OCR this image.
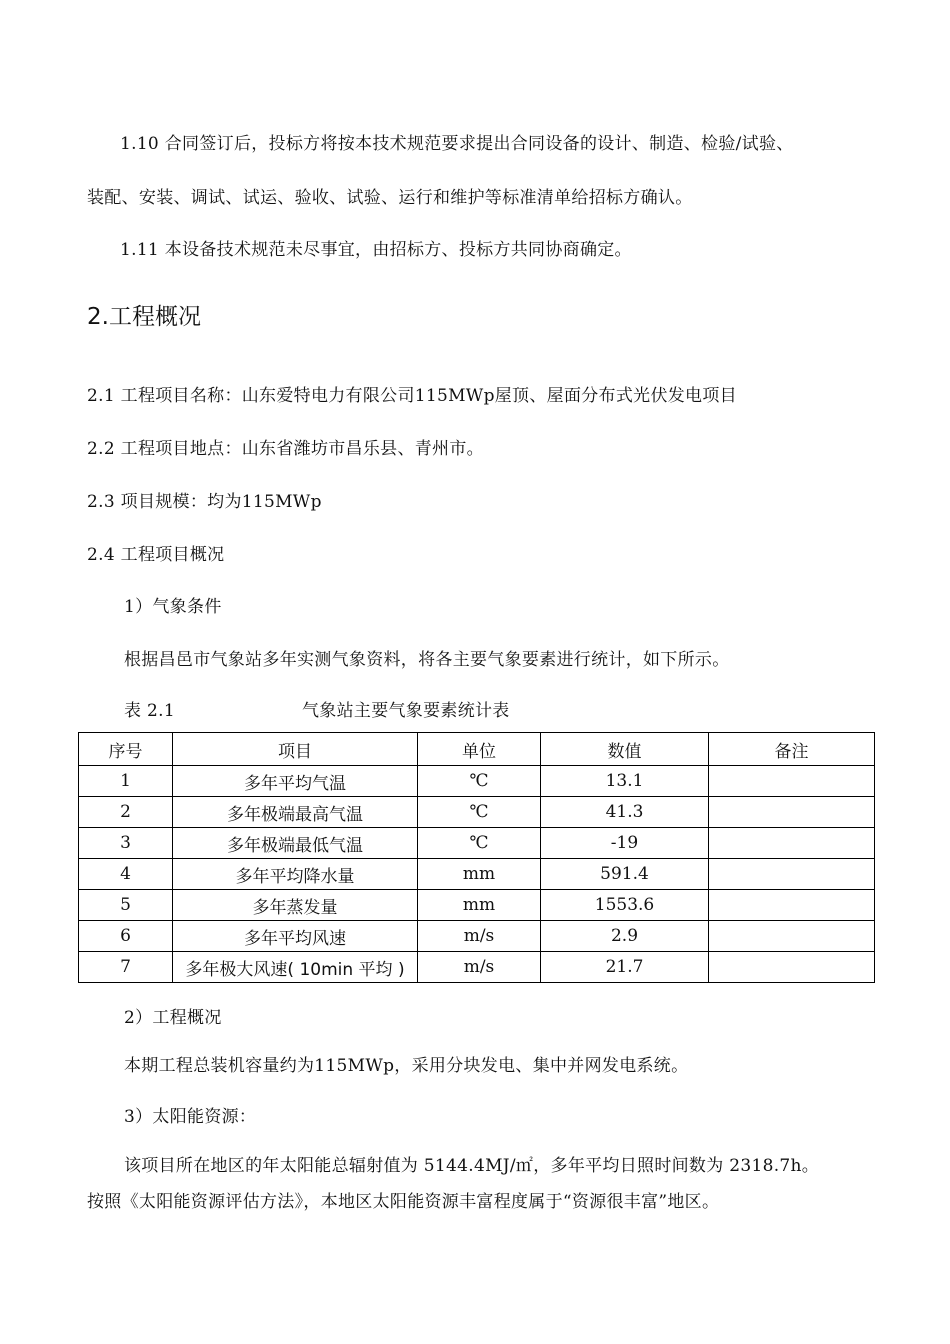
1.10 合同签订后，投标方将按本技术规范要求提出合同设备的设计、制造、检验/试验、
装配、安装、调试、试运、验收、试验、运行和维护等标准清单给招标方确认。
1.11 本设备技术规范未尽事宜，由招标方、投标方共同协商确定。
2.工程概况
2.1 工程项目名称：山东爱特电力有限公司115MWp屋顶、屋面分布式光伏发电项目
2.2 工程项目地点：山东省潍坊市昌乐县、青州市。
2.3 项目规模：均为115MWp
2.4 工程项目概况
1）气象条件
根据昌邑市气象站多年实测气象资料，将各主要气象要素进行统计，如下所示。
表 2.1	气象站主要气象要素统计表
序号	项目	单位	数值	备注
1	多年平均气温	℃	13.1	
2	多年极端最高气温	℃	41.3	
3	多年极端最低气温	℃	-19	
4	多年平均降水量	mm	591.4	
5	多年蒸发量	mm	1553.6	
6	多年平均风速	m/s	2.9	
7	多年极大风速( 10min 平均 )	m/s	21.7	
2）工程概况
本期工程总装机容量约为115MWp，采用分块发电、集中并网发电系统。
3）太阳能资源：
该项目所在地区的年太阳能总辐射值为 5144.4MJ/㎡，多年平均日照时间数为 2318.7h。
按照《太阳能资源评估方法》，本地区太阳能资源丰富程度属于“资源很丰富”地区。
